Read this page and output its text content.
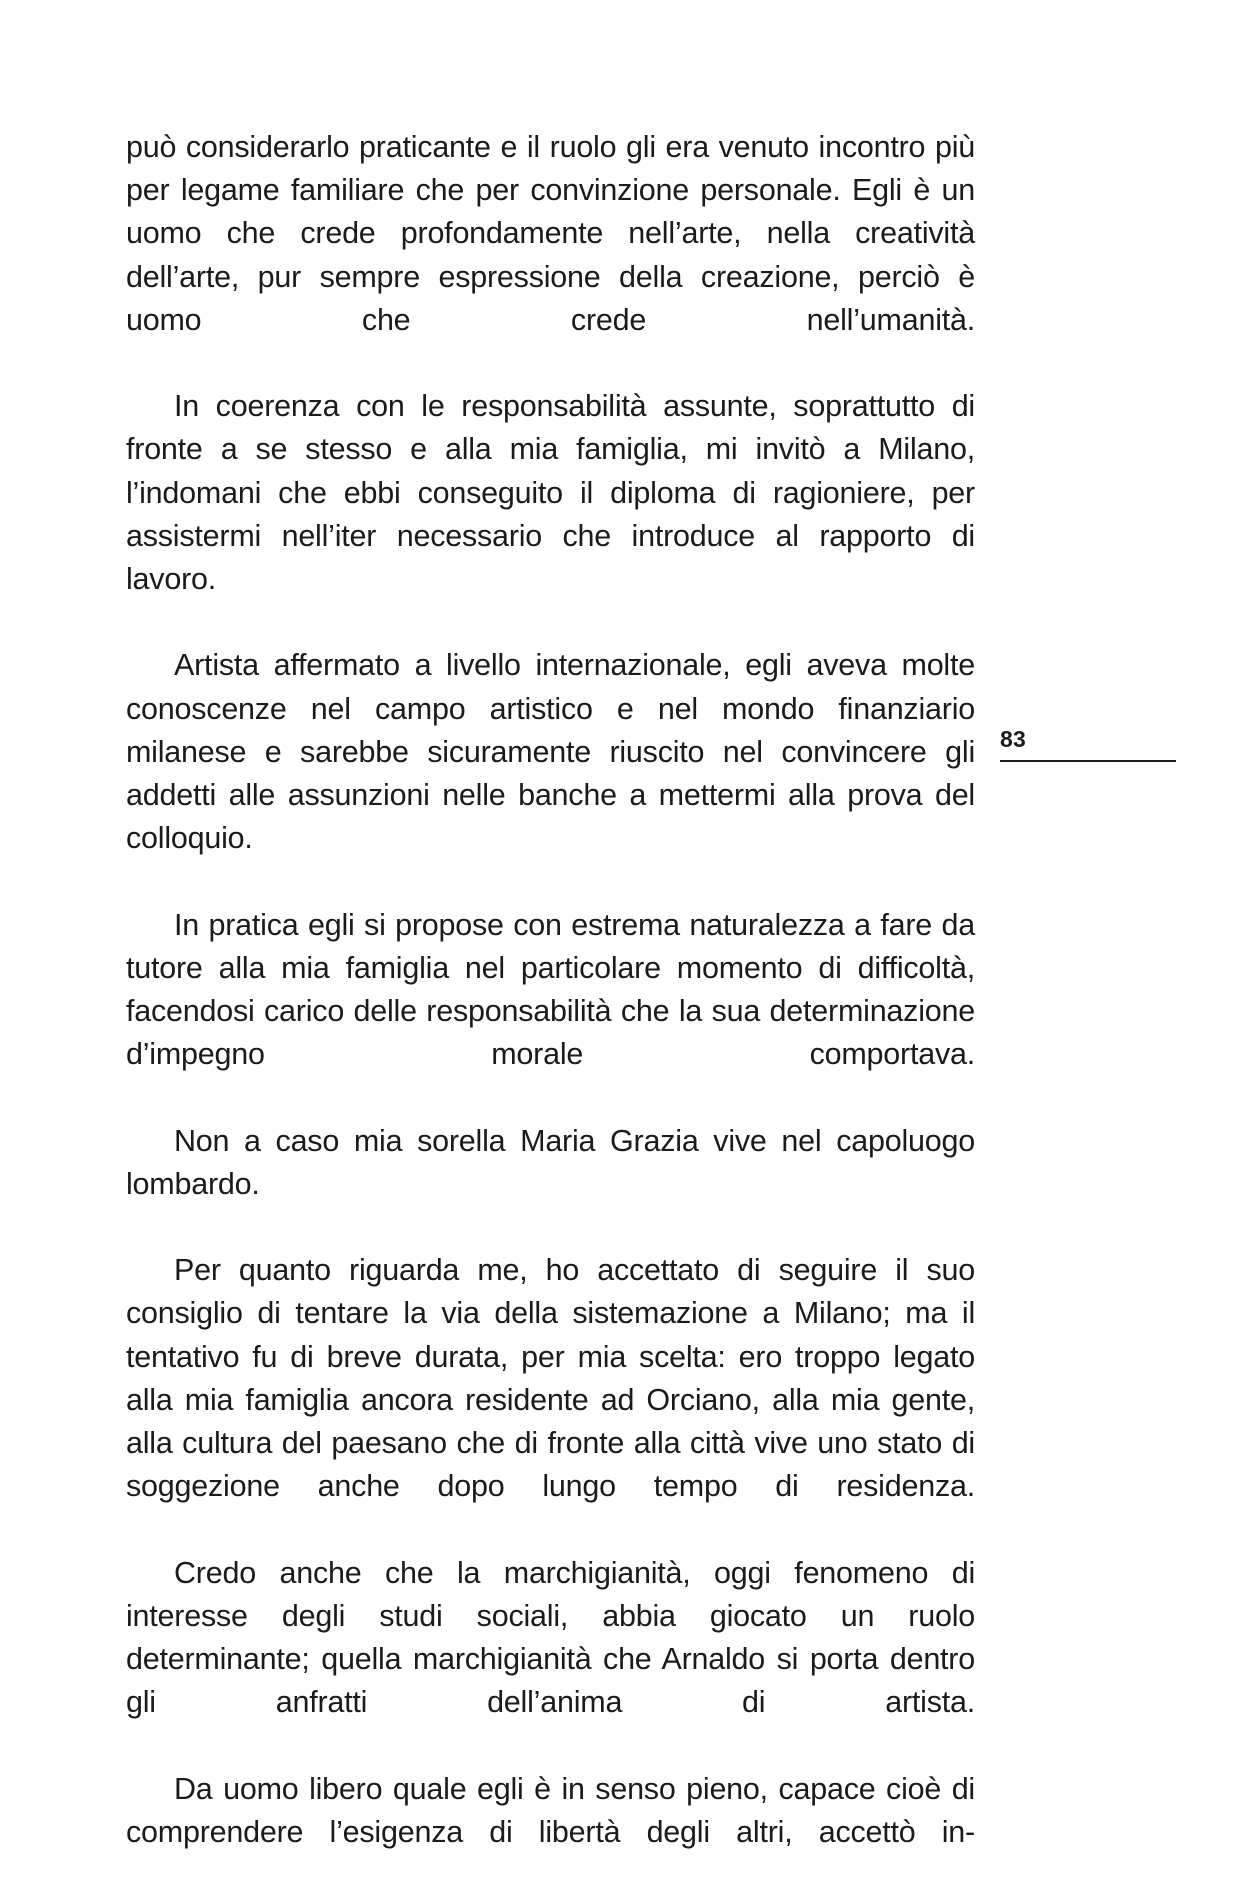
può considerarlo praticante e il ruolo gli era venuto incontro più per legame familiare che per convinzione personale. Egli è un uomo che crede profondamente nell’arte, nella creatività dell’arte, pur sempre espressione della creazione, perciò è uomo che crede nell’umanità.

In coerenza con le responsabilità assunte, soprattutto di fronte a se stesso e alla mia famiglia, mi invitò a Milano, l’indomani che ebbi conseguito il diploma di ragioniere, per assistermi nell’iter necessario che introduce al rapporto di lavoro.

Artista affermato a livello internazionale, egli aveva molte conoscenze nel campo artistico e nel mondo finanziario milanese e sarebbe sicuramente riuscito nel convincere gli addetti alle assunzioni nelle banche a mettermi alla prova del colloquio.

In pratica egli si propose con estrema naturalezza a fare da tutore alla mia famiglia nel particolare momento di difficoltà, facendosi carico delle responsabilità che la sua determinazione d’impegno morale comportava.

Non a caso mia sorella Maria Grazia vive nel capoluogo lombardo.

Per quanto riguarda me, ho accettato di seguire il suo consiglio di tentare la via della sistemazione a Milano; ma il tentativo fu di breve durata, per mia scelta: ero troppo legato alla mia famiglia ancora residente ad Orciano, alla mia gente, alla cultura del paesano che di fronte alla città vive uno stato di soggezione anche dopo lungo tempo di residenza.

Credo anche che la marchigianità, oggi fenomeno di interesse degli studi sociali, abbia giocato un ruolo determinante; quella marchigianità che Arnaldo si porta dentro gli anfratti dell’anima di artista.

Da uomo libero quale egli è in senso pieno, capace cioè di comprendere l’esigenza di libertà degli altri, accettò in-

83
